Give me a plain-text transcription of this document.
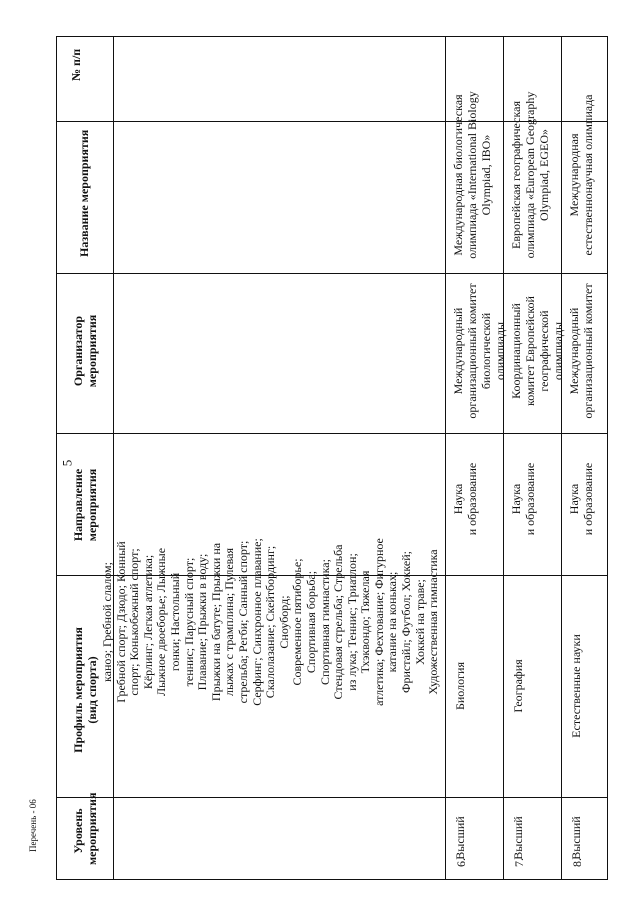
5
№ п/п
Название мероприятия
Организатор мероприятия
Направление мероприятия
Профиль мероприятия (вид спорта)
Уровень мероприятия
каноэ; Гребной слалом; Гребной спорт; Дзюдо; Конный спорт; Конькобежный спорт; Кёрлинг; Легкая атлетика; Лыжное двоеборье; Лыжные гонки; Настольный теннис; Парусный спорт; Плавание; Прыжки в воду; Прыжки на батуте; Прыжки на лыжах с трамплина; Пулевая стрельба; Регби; Санный спорт; Серфинг; Синхронное плавание; Скалолазание; Скейтбординг; Сноуборд; Современное пятиборье; Спортивная борьба; Спортивная гимнастика; Стендовая стрельба; Стрельба из лука; Теннис; Триатлон; Тхэквондо; Тяжелая атлетика; Фехтование; Фигурное катание на коньках; Фристайл; Футбол; Хоккей; Хоккей на траве; Художественная гимнастика
6.
Международная биологическая олимпиада «International Biology Olympiad, IBO»
Международный организационный комитет биологической олимпиады
Наука и образование
Биология
Высший
7.
Европейская географическая олимпиада «European Geography Olympiad, EGEO»
Координационный комитет Европейской географической олимпиады
Наука и образование
География
Высший
8.
Международная естественнонаучная олимпиада
Международный организационный комитет
Наука и образование
Естественные науки
Высший
Перечень - 06
